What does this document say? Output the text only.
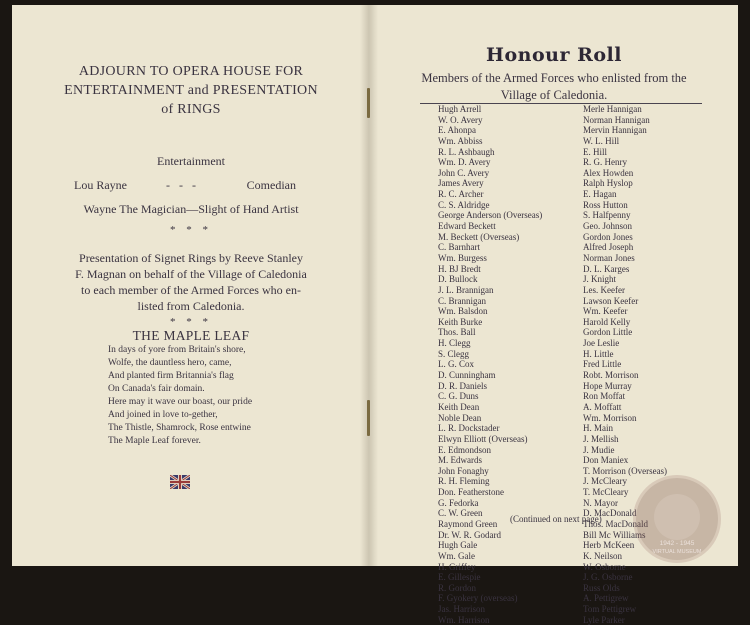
ADJOURN TO OPERA HOUSE FOR
ENTERTAINMENT and PRESENTATION
of RINGS
Entertainment
Lou Rayne	-   -   -	Comedian
Wayne The Magician—Slight of Hand Artist
* * *
Presentation of Signet Rings by Reeve Stanley
F. Magnan on behalf of the Village of Caledonia
to each member of the Armed Forces who en-
listed from Caledonia.
* * *
THE MAPLE LEAF
In days of yore from Britain's shore,
Wolfe, the dauntless hero, came,
And planted firm Britannia's flag
On Canada's fair domain.
Here may it wave our boast, our pride
And joined in love to-gether,
The Thistle, Shamrock, Rose entwine
The Maple Leaf forever.
Honour Roll
Members of the Armed Forces who enlisted from the
Village of Caledonia.
Hugh Arrell
W. O. Avery
E. Ahonpa
Wm. Abbiss
R. L. Ashbaugh
Wm. D. Avery
John C. Avery
James Avery
R. C. Archer
C. S. Aldridge
George Anderson (Overseas)
Edward Beckett
M. Beckett (Overseas)
C. Barnhart
Wm. Burgess
H. BJ Bredt
D. Bullock
J. L. Brannigan
C. Brannigan
Wm. Balsdon
Keith Burke
Thos. Ball
H. Clegg
S. Clegg
L. G. Cox
D. Cunningham
D. R. Daniels
C. G. Duns
Keith Dean
Noble Dean
L. R. Dockstader
Elwyn Elliott (Overseas)
E. Edmondson
M. Edwards
John Fonaghy
R. H. Fleming
Don. Featherstone
G. Fedorka
C. W. Green
Raymond Green
Dr. W. R. Godard
Hugh Gale
Wm. Gale
H. Griffey
E. Gillespie
R. Gordon
F. Gyokery (overseas)
Jas. Harrison
Wm. Harrison
Merle Hannigan
Norman Hannigan
Mervin Hannigan
W. L. Hill
E. Hill
R. G. Henry
Alex Howden
Ralph Hyslop
E. Hagan
Ross Hutton
S. Halfpenny
Geo. Johnson
Gordon Jones
Alfred Joseph
Norman Jones
D. L. Karges
J. Knight
Les. Keefer
Lawson Keefer
Wm. Keefer
Harold Kelly
Gordon Little
Joe Leslie
H. Little
Fred Little
Robt. Morrison
Hope Murray
Ron Moffat
A. Moffatt
Wm. Morrison
H. Main
J. Mellish
J. Mudie
Don Maniex
T. Morrison (Overseas)
J. McCleary
T. McCleary
N. Mayor
D. MacDonald
Thos. MacDonald
Bill Mc Williams
Herb McKeen
K. Neilson
W. Osborne
J. G. Osborne
Russ Olds
A. Pettigrew
Tom Pettigrew
Lyle Parker
(Continued on next page)
1942 - 1945
VIRTUAL MUSEUM
